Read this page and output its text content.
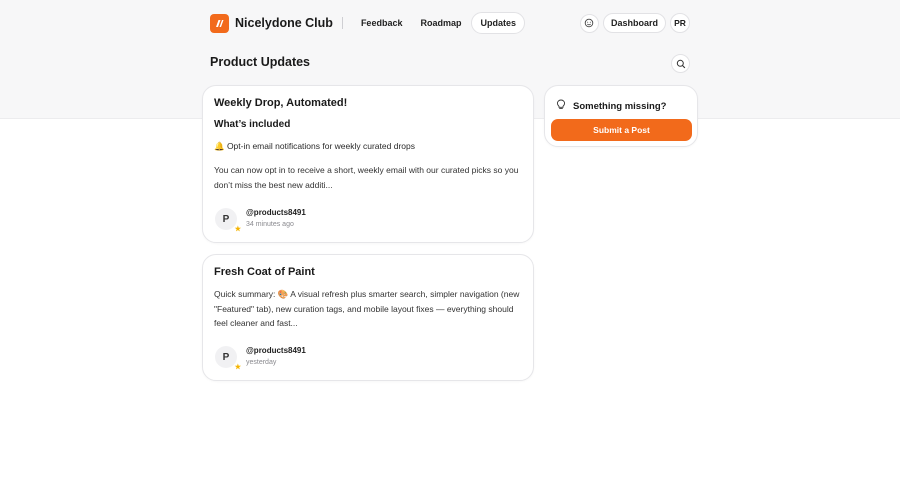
Nicelydone Club	Feedback	Roadmap	Updates	Dashboard	PR
Product Updates
Weekly Drop, Automated!
What’s included
🔔 Opt-in email notifications for weekly curated drops
You can now opt in to receive a short, weekly email with our curated picks so you don’t miss the best new additi...
P
★
@products8491
34 minutes ago
Fresh Coat of Paint
Quick summary: 🎨 A visual refresh plus smarter search, simpler navigation (new "Featured" tab), new curation tags, and mobile layout fixes — everything should feel cleaner and fast...
P
★
@products8491
yesterday
Something missing?
Submit a Post
